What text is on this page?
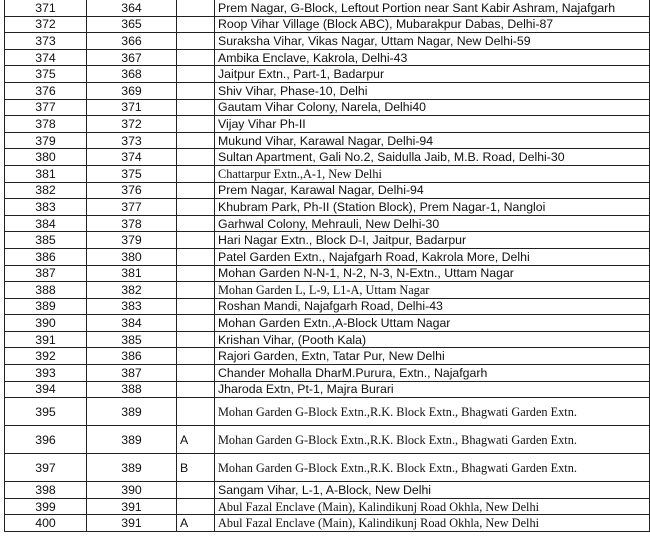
371	364		Prem Nagar, G-Block, Leftout Portion near Sant Kabir Ashram, Najafgarh
372	365		Roop Vihar Village (Block ABC), Mubarakpur Dabas, Delhi-87
373	366		Suraksha Vihar, Vikas Nagar, Uttam Nagar, New Delhi-59
374	367		Ambika Enclave, Kakrola, Delhi-43
375	368		Jaitpur Extn., Part-1, Badarpur
376	369		Shiv Vihar, Phase-10, Delhi
377	371		Gautam Vihar Colony, Narela, Delhi40
378	372		Vijay Vihar Ph-II
379	373		Mukund Vihar, Karawal Nagar, Delhi-94
380	374		Sultan Apartment, Gali No.2, Saidulla Jaib, M.B. Road, Delhi-30
381	375		Chattarpur Extn.,A-1, New Delhi
382	376		Prem Nagar, Karawal Nagar, Delhi-94
383	377		Khubram Park, Ph-II (Station Block), Prem Nagar-1, Nangloi
384	378		Garhwal Colony, Mehrauli, New Delhi-30
385	379		Hari Nagar Extn., Block D-I, Jaitpur, Badarpur
386	380		Patel Garden Extn., Najafgarh Road, Kakrola More, Delhi
387	381		Mohan Garden N-N-1, N-2, N-3, N-Extn., Uttam Nagar
388	382		Mohan Garden L, L-9, L1-A, Uttam Nagar
389	383		Roshan Mandi, Najafgarh Road, Delhi-43
390	384		Mohan Garden Extn.,A-Block Uttam Nagar
391	385		Krishan Vihar, (Pooth Kala)
392	386		Rajori Garden, Extn, Tatar Pur, New Delhi
393	387		Chander Mohalla DharM.Purura, Extn., Najafgarh
394	388		Jharoda Extn, Pt-1, Majra Burari
395	389		Mohan Garden G-Block Extn.,R.K. Block Extn., Bhagwati Garden Extn.
396	389	A	Mohan Garden G-Block Extn.,R.K. Block Extn., Bhagwati Garden Extn.
397	389	B	Mohan Garden G-Block Extn.,R.K. Block Extn., Bhagwati Garden Extn.
398	390		Sangam Vihar, L-1, A-Block, New Delhi
399	391		Abul Fazal Enclave (Main), Kalindikunj Road Okhla, New Delhi
400	391	A	Abul Fazal Enclave (Main), Kalindikunj Road Okhla, New Delhi
